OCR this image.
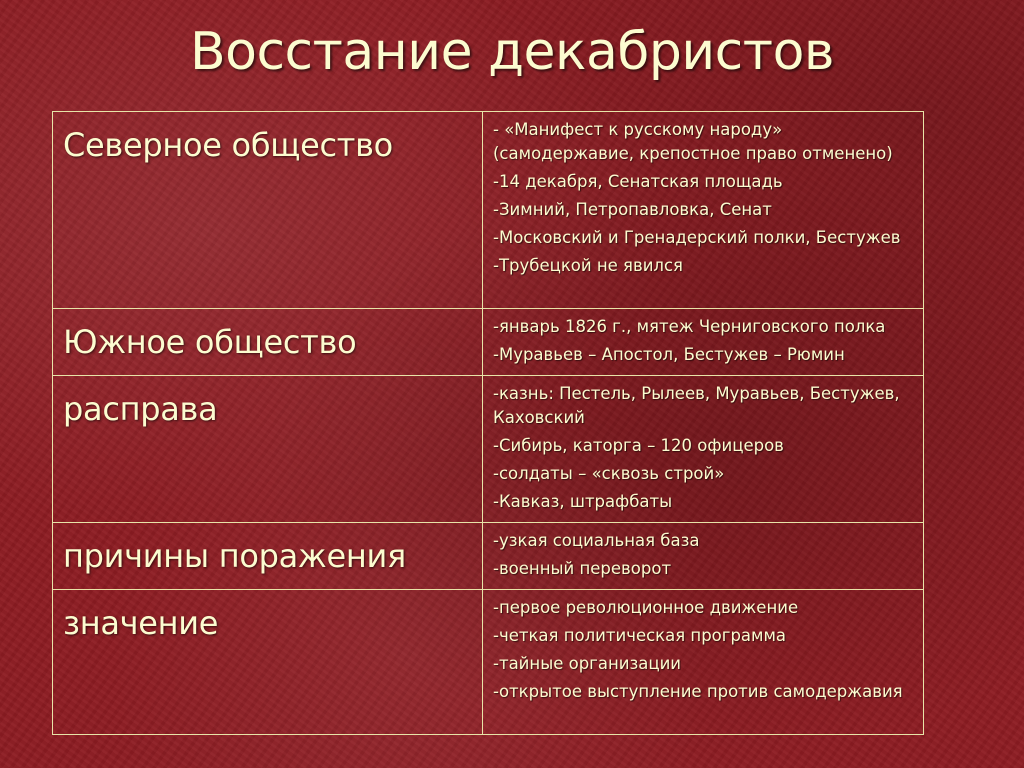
Восстание декабристов
Северное общество	- «Манифест к русскому народу» (самодержавие, крепостное право отменено)
-14 декабря, Сенатская площадь
-Зимний, Петропавловка, Сенат
-Московский и Гренадерский полки, Бестужев
-Трубецкой не явился

Южное общество	-январь 1826 г., мятеж Черниговского полка
-Муравьев – Апостол, Бестужев – Рюмин

расправа	-казнь: Пестель, Рылеев, Муравьев, Бестужев, Каховский
-Сибирь, каторга – 120 офицеров
-солдаты – «сквозь строй»
-Кавказ, штрафбаты

причины поражения	-узкая социальная база
-военный переворот

значение	-первое революционное движение
-четкая политическая программа
-тайные организации
-открытое выступление против самодержавия
